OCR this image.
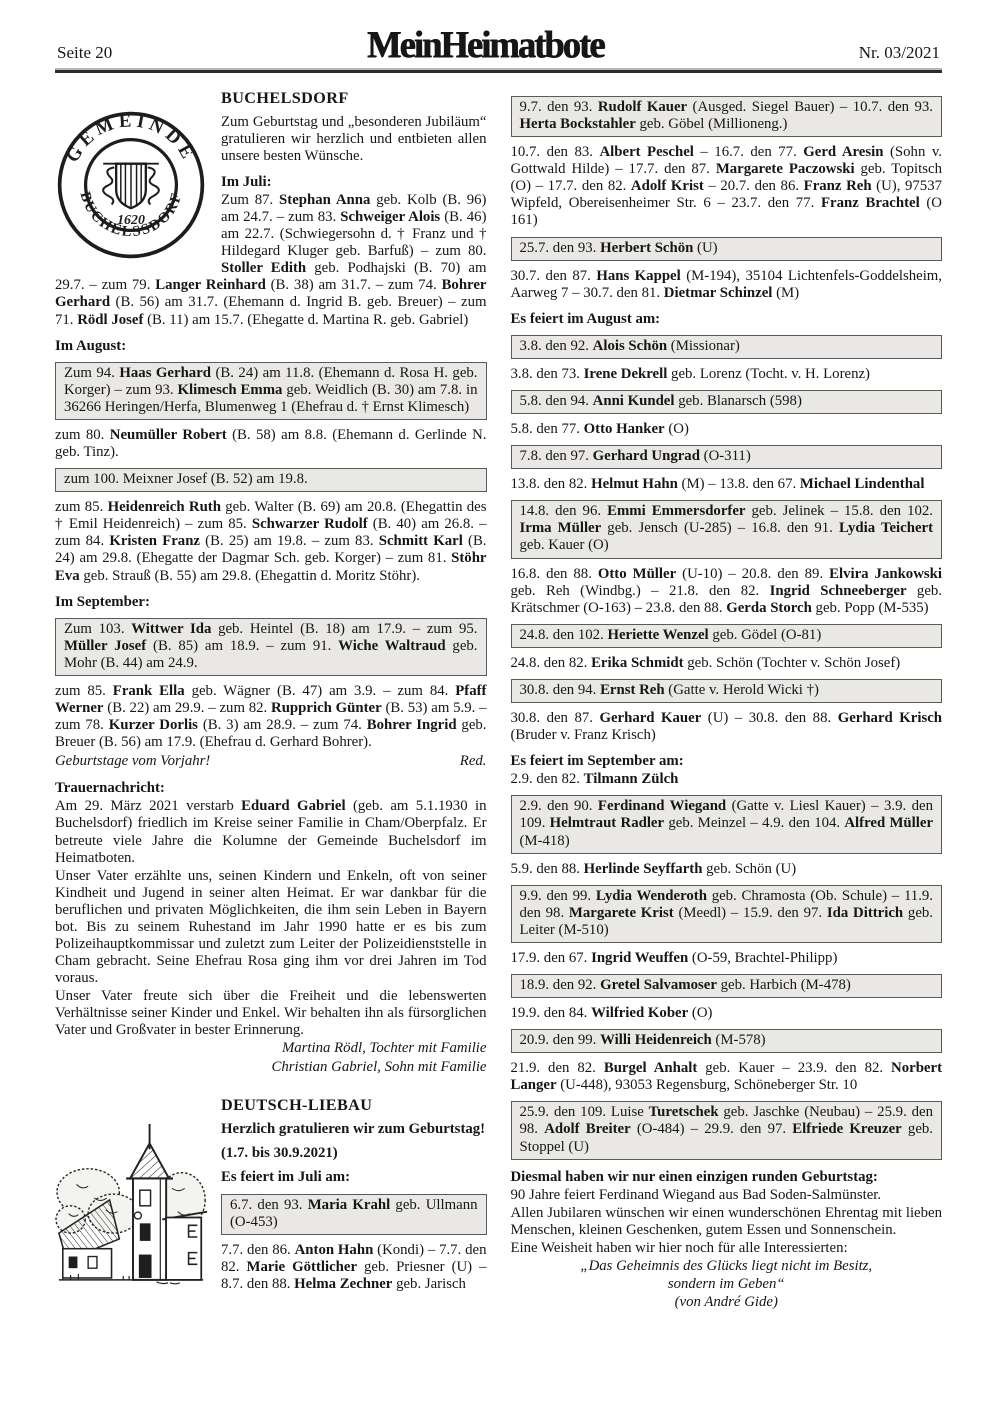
Seite 20	MeinHeimatbote	Nr. 03/2021
GEMEINDE
BUCHELSSDORF
1620
BUCHELSDORF
Zum Geburtstag und „besonderen Jubiläum“ gratulieren wir herzlich und entbieten allen unsere besten Wünsche.
Im Juli:
Zum 87. Stephan Anna geb. Kolb (B. 96) am 24.7. – zum 83. Schweiger Alois (B. 46) am 22.7. (Schwiegersohn d. † Franz und † Hildegard Kluger geb. Barfuß) – zum 80. Stoller Edith geb. Podhajski (B. 70) am 29.7. – zum 79. Langer Reinhard (B. 38) am 31.7. – zum 74. Bohrer Gerhard (B. 56) am 31.7. (Ehemann d. Ingrid B. geb. Breuer) – zum 71. Rödl Josef (B. 11) am 15.7. (Ehegatte d. Martina R. geb. Gabriel)
Im August:
Zum 94. Haas Gerhard (B. 24) am 11.8. (Ehemann d. Rosa H. geb. Korger) – zum 93. Klimesch Emma geb. Weidlich (B. 30) am 7.8. in 36266 Heringen/Herfa, Blumenweg 1 (Ehefrau d. † Ernst Klimesch)
zum 80. Neumüller Robert (B. 58) am 8.8. (Ehemann d. Gerlinde N. geb. Tinz).
zum 100. Meixner Josef (B. 52) am 19.8.
zum 85. Heidenreich Ruth geb. Walter (B. 69) am 20.8. (Ehegattin des † Emil Heidenreich) – zum 85. Schwarzer Rudolf (B. 40) am 26.8. – zum 84. Kristen Franz (B. 25) am 19.8. – zum 83. Schmitt Karl (B. 24) am 29.8. (Ehegatte der Dagmar Sch. geb. Korger) – zum 81. Stöhr Eva geb. Strauß (B. 55) am 29.8. (Ehegattin d. Moritz Stöhr).
Im September:
Zum 103. Wittwer Ida geb. Heintel (B. 18) am 17.9. – zum 95. Müller Josef (B. 85) am 18.9. – zum 91. Wiche Waltraud geb. Mohr (B. 44) am 24.9.
zum 85. Frank Ella geb. Wägner (B. 47) am 3.9. – zum 84. Pfaff Werner (B. 22) am 29.9. – zum 82. Rupprich Günter (B. 53) am 5.9. – zum 78. Kurzer Dorlis (B. 3) am 28.9. – zum 74. Bohrer Ingrid geb. Breuer (B. 56) am 17.9. (Ehefrau d. Gerhard Bohrer).
Geburtstage vom Vorjahr!	Red.
Trauernachricht:
Am 29. März 2021 verstarb Eduard Gabriel (geb. am 5.1.1930 in Buchelsdorf) friedlich im Kreise seiner Familie in Cham/Oberpfalz. Er betreute viele Jahre die Kolumne der Gemeinde Buchelsdorf im Heimatboten.
Unser Vater erzählte uns, seinen Kindern und Enkeln, oft von seiner Kindheit und Jugend in seiner alten Heimat. Er war dankbar für die beruflichen und privaten Möglichkeiten, die ihm sein Leben in Bayern bot. Bis zu seinem Ruhestand im Jahr 1990 hatte er es bis zum Polizeihauptkommissar und zuletzt zum Leiter der Polizeidienststelle in Cham gebracht. Seine Ehefrau Rosa ging ihm vor drei Jahren im Tod voraus.
Unser Vater freute sich über die Freiheit und die lebenswerten Verhältnisse seiner Kinder und Enkel. Wir behalten ihn als fürsorglichen Vater und Großvater in bester Erinnerung.
Martina Rödl, Tochter mit Familie
Christian Gabriel, Sohn mit Familie
DEUTSCH-LIEBAU
Herzlich gratulieren wir zum Geburtstag!
(1.7. bis 30.9.2021)
Es feiert im Juli am:
6.7. den 93. Maria Krahl geb. Ullmann (O-453)
7.7. den 86. Anton Hahn (Kondi) – 7.7. den 82. Marie Göttlicher geb. Priesner (U) – 8.7. den 88. Helma Zechner geb. Jarisch
9.7. den 93. Rudolf Kauer (Ausged. Siegel Bauer) – 10.7. den 93. Herta Bockstahler geb. Göbel (Millioneng.)
10.7. den 83. Albert Peschel – 16.7. den 77. Gerd Aresin (Sohn v. Gottwald Hilde) – 17.7. den 87. Margarete Paczowski geb. Topitsch (O) – 17.7. den 82. Adolf Krist – 20.7. den 86. Franz Reh (U), 97537 Wipfeld, Obereisenheimer Str. 6 – 23.7. den 77. Franz Brachtel (O 161)
25.7. den 93. Herbert Schön (U)
30.7. den 87. Hans Kappel (M-194), 35104 Lichtenfels-Goddelsheim, Aarweg 7 – 30.7. den 81. Dietmar Schinzel (M)
Es feiert im August am:
3.8. den 92. Alois Schön (Missionar)
3.8. den 73. Irene Dekrell geb. Lorenz (Tocht. v. H. Lorenz)
5.8. den 94. Anni Kundel geb. Blanarsch (598)
5.8. den 77. Otto Hanker (O)
7.8. den 97. Gerhard Ungrad (O-311)
13.8. den 82. Helmut Hahn (M) – 13.8. den 67. Michael Lindenthal
14.8. den 96. Emmi Emmersdorfer geb. Jelinek – 15.8. den 102. Irma Müller geb. Jensch (U-285) – 16.8. den 91. Lydia Teichert geb. Kauer (O)
16.8. den 88. Otto Müller (U-10) – 20.8. den 89. Elvira Jankowski geb. Reh (Windbg.) – 21.8. den 82. Ingrid Schneeberger geb. Krätschmer (O-163) – 23.8. den 88. Gerda Storch geb. Popp (M-535)
24.8. den 102. Heriette Wenzel geb. Gödel (O-81)
24.8. den 82. Erika Schmidt geb. Schön (Tochter v. Schön Josef)
30.8. den 94. Ernst Reh (Gatte v. Herold Wicki †)
30.8. den 87. Gerhard Kauer (U) – 30.8. den 88. Gerhard Krisch (Bruder v. Franz Krisch)
Es feiert im September am:
2.9. den 82. Tilmann Zülch
2.9. den 90. Ferdinand Wiegand (Gatte v. Liesl Kauer) – 3.9. den 109. Helmtraut Radler geb. Meinzel – 4.9. den 104. Alfred Müller (M-418)
5.9. den 88. Herlinde Seyffarth geb. Schön (U)
9.9. den 99. Lydia Wenderoth geb. Chramosta (Ob. Schule) – 11.9. den 98. Margarete Krist (Meedl) – 15.9. den 97. Ida Dittrich geb. Leiter (M-510)
17.9. den 67. Ingrid Weuffen (O-59, Brachtel-Philipp)
18.9. den 92. Gretel Salvamoser geb. Harbich (M-478)
19.9. den 84. Wilfried Kober (O)
20.9. den 99. Willi Heidenreich (M-578)
21.9. den 82. Burgel Anhalt geb. Kauer – 23.9. den 82. Norbert Langer (U-448), 93053 Regensburg, Schöneberger Str. 10
25.9. den 109. Luise Turetschek geb. Jaschke (Neubau) – 25.9. den 98. Adolf Breiter (O-484) – 29.9. den 97. Elfriede Kreuzer geb. Stoppel (U)
Diesmal haben wir nur einen einzigen runden Geburtstag:
90 Jahre feiert Ferdinand Wiegand aus Bad Soden-Salmünster.
Allen Jubilaren wünschen wir einen wunderschönen Ehrentag mit lieben Menschen, kleinen Geschenken, gutem Essen und Sonnenschein.
Eine Weisheit haben wir hier noch für alle Interessierten:
„Das Geheimnis des Glücks liegt nicht im Besitz,
sondern im Geben“
(von André Gide)
